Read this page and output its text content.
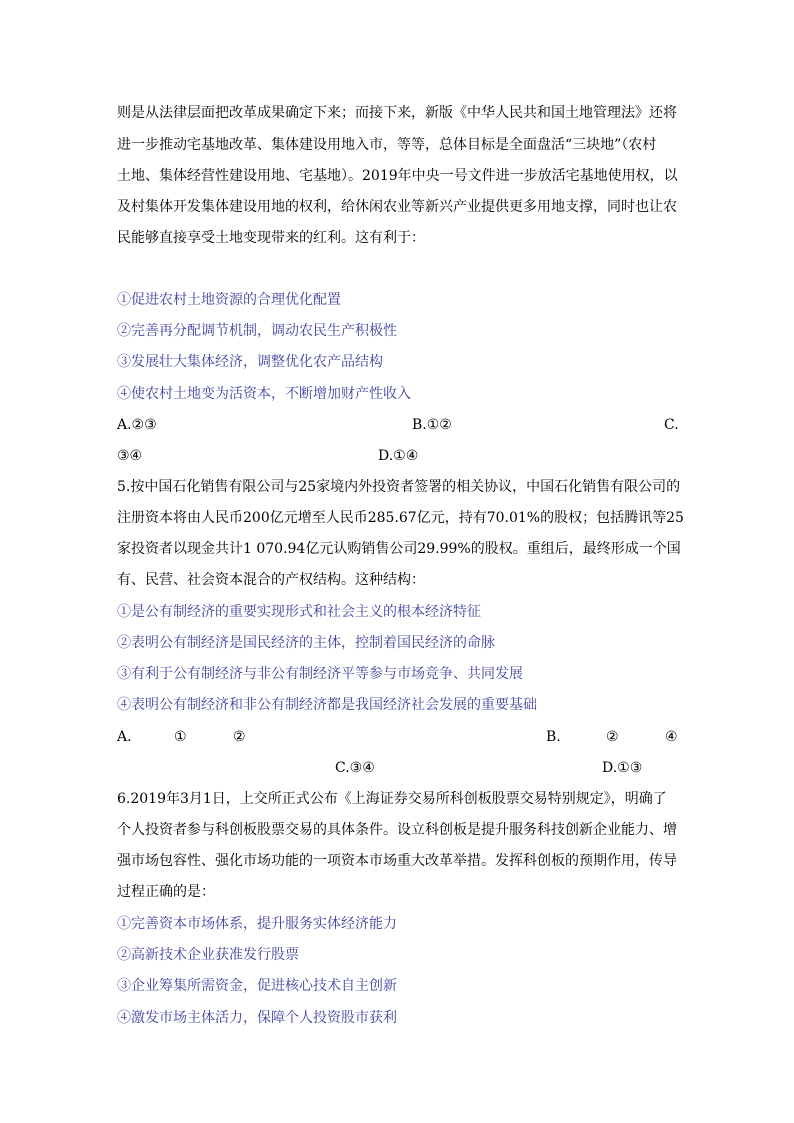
则是从法律层面把改革成果确定下来；而接下来，新版《中华人民共和国土地管理法》还将
进一步推动宅基地改革、集体建设用地入市，等等，总体目标是全面盘活“三块地”（农村
土地、集体经营性建设用地、宅基地）。2019年中央一号文件进一步放活宅基地使用权，以
及村集体开发集体建设用地的权利，给休闲农业等新兴产业提供更多用地支撑，同时也让农
民能够直接享受土地变现带来的红利。这有利于：
①促进农村土地资源的合理优化配置
②完善再分配调节机制，调动农民生产积极性
③发展壮大集体经济，调整优化农产品结构
④使农村土地变为活资本，不断增加财产性收入
A.②③	B.①②	C.
③④	D.①④
5.按中国石化销售有限公司与25家境内外投资者签署的相关协议，中国石化销售有限公司的
注册资本将由人民币200亿元增至人民币285.67亿元，持有70.01%的股权；包括腾讯等25
家投资者以现金共计1 070.94亿元认购销售公司29.99%的股权。重组后，最终形成一个国
有、民营、社会资本混合的产权结构。这种结构：
①是公有制经济的重要实现形式和社会主义的根本经济特征
②表明公有制经济是国民经济的主体，控制着国民经济的命脉
③有利于公有制经济与非公有制经济平等参与市场竞争、共同发展
④表明公有制经济和非公有制经济都是我国经济社会发展的重要基础
A.	①	②	B.	②	④
C.③④	D.①③
6.2019年3月1日，上交所正式公布《上海证券交易所科创板股票交易特别规定》，明确了
个人投资者参与科创板股票交易的具体条件。设立科创板是提升服务科技创新企业能力、增
强市场包容性、强化市场功能的一项资本市场重大改革举措。发挥科创板的预期作用，传导
过程正确的是：
①完善资本市场体系，提升服务实体经济能力
②高新技术企业获准发行股票
③企业筹集所需资金，促进核心技术自主创新
④激发市场主体活力，保障个人投资股市获利
